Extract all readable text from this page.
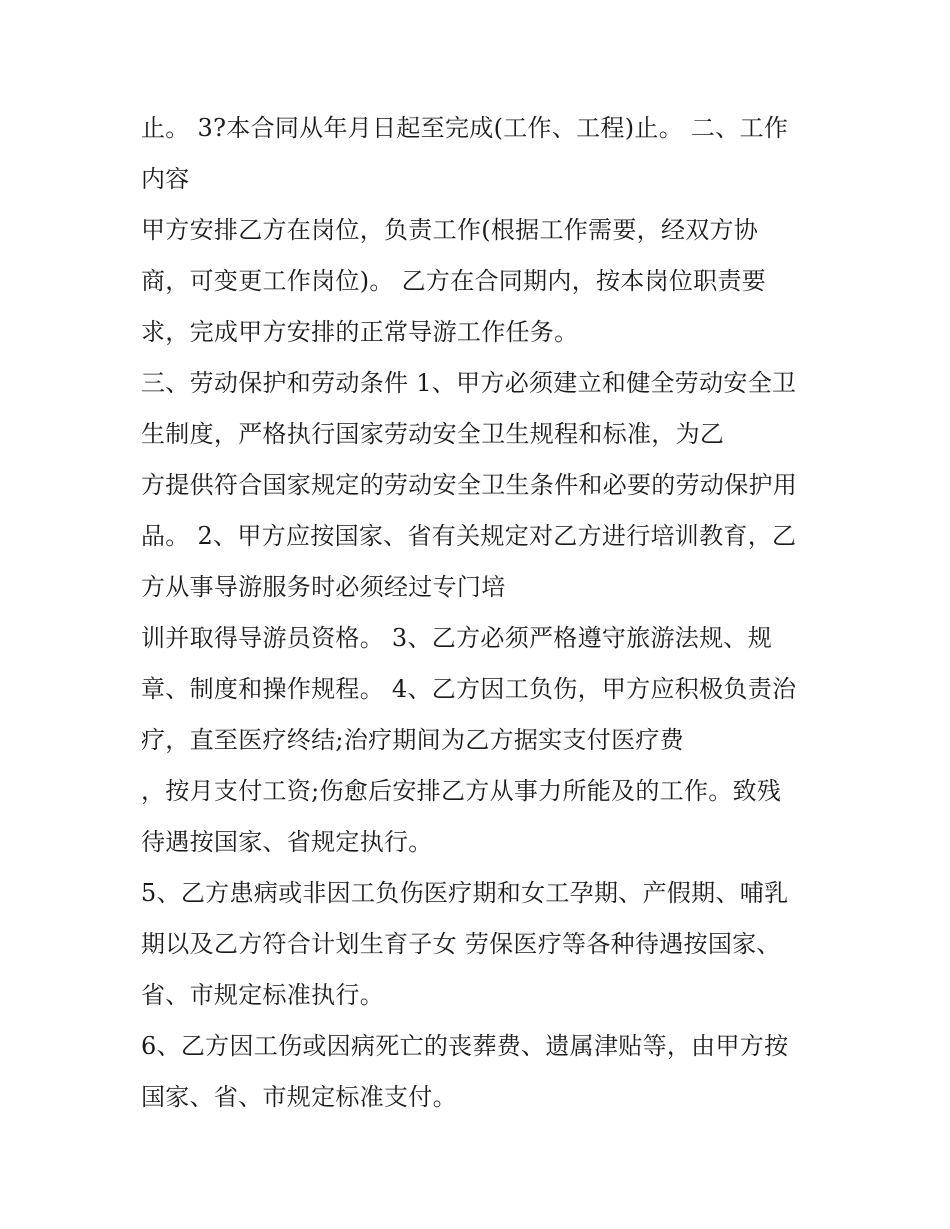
止。 3?本合同从年月日起至完成(工作、工程)止。 二、工作
内容
甲方安排乙方在岗位，负责工作(根据工作需要，经双方协
商，可变更工作岗位)。 乙方在合同期内，按本岗位职责要
求，完成甲方安排的正常导游工作任务。
三、劳动保护和劳动条件 1、甲方必须建立和健全劳动安全卫
生制度，严格执行国家劳动安全卫生规程和标准，为乙
方提供符合国家规定的劳动安全卫生条件和必要的劳动保护用
品。 2、甲方应按国家、省有关规定对乙方进行培训教育，乙
方从事导游服务时必须经过专门培
训并取得导游员资格。 3、乙方必须严格遵守旅游法规、规
章、制度和操作规程。 4、乙方因工负伤，甲方应积极负责治
疗，直至医疗终结;治疗期间为乙方据实支付医疗费
，按月支付工资;伤愈后安排乙方从事力所能及的工作。致残
待遇按国家、省规定执行。
5、乙方患病或非因工负伤医疗期和女工孕期、产假期、哺乳
期以及乙方符合计划生育子女 劳保医疗等各种待遇按国家、
省、市规定标准执行。
6、乙方因工伤或因病死亡的丧葬费、遗属津贴等，由甲方按
国家、省、市规定标准支付。
